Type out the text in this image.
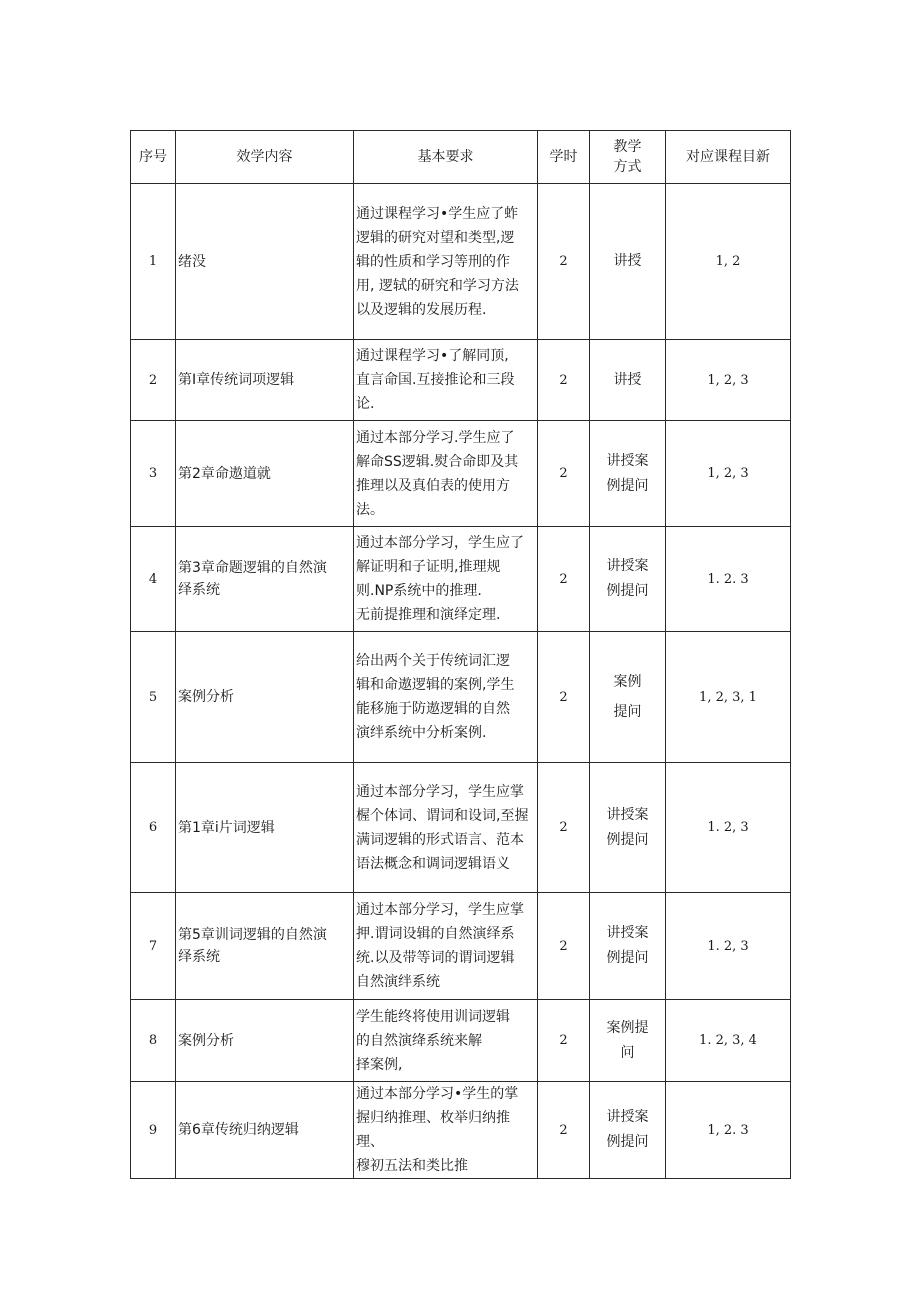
序号	效学内容	基本要求	学时	教学
方式	对应课程目新
1	绪没	通过课程学习•学生应了蚱
逻辑的研究对望和类型,逻
辑的性质和学习等刑的作
用, 逻轼的研究和学习方法
以及逻辑的发展历程.	2	讲授	1, 2
2	第I章传统词项逻辑	通过课程学习•了解同顶,
直言命国.互接推论和三段
论.	2	讲授	1, 2, 3
3	第2章命遨道就	通过本部分学习.学生应了
解命SS逻辑.熨合命即及其
推理以及真伯表的使用方
法。	2	讲授案
例提问	1, 2, 3
4	第3章命题逻辑的自然演
绎系统	通过本部分学习，学生应了
解证明和子证明,推理规
则.NP系统中的推理.
无前提推理和演绎定理.	2	讲授案
例提问	1. 2. 3
5	案例分析	给出两个关于传统词汇逻
辑和命遨逻辑的案例,学生
能移施于防遨逻辑的自然
演绊系统中分析案例.	2	案例
提问	1, 2, 3, 1
6	第1章i片词逻辑	通过本部分学习，学生应掌
楃个体词、谓词和设词,至握
满词逻辑的形式语言、范本
语法概念和调词逻辑语义	2	讲授案
例提问	1. 2, 3
7	第5章训词逻辑的自然演
绎系统	通过本部分学习，学生应掌
押.谓词设辑的自然演绎系
统.以及带等词的谓词逻辑
自然演绊系统	2	讲授案
例提问	1. 2, 3
8	案例分析	学生能终将使用训词逻辑
的自然演绛系统来解
择案例,	2	案例提
问	1. 2, 3, 4
9	第6章传统归纳逻辑	通过本部分学习•学生的掌
握归纳推理、枚举归纳推理、
穆初五法和类比推	2	讲授案
例提问	1, 2. 3
